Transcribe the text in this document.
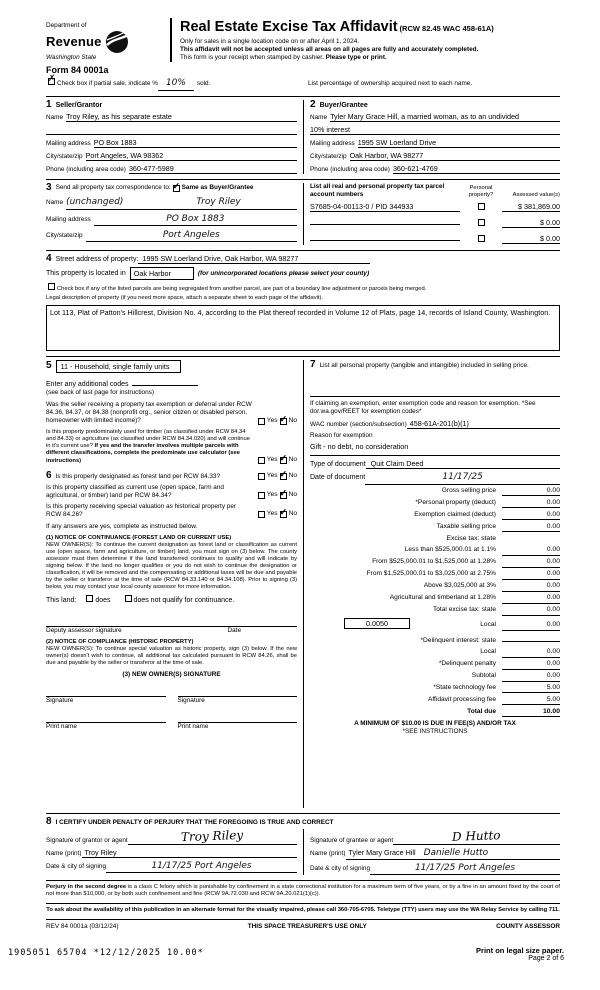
Department of
Revenue
Washington State
Real Estate Excise Tax Affidavit (RCW 82.45 WAC 458-61A)
Only for sales in a single location code on or after April 1, 2024.
This affidavit will not be accepted unless all areas on all pages are fully and accurately completed.
This form is your receipt when stamped by cashier. Please type or print.
Form 84 0001a
✗ Check box if partial sale, indicate % 10%	sold.	List percentage of ownership acquired next to each name.
1 Seller/Grantor
Name Troy Riley, as his separate estate

Mailing address PO Box 1883
City/state/zip Port Angeles, WA 98362
Phone (including area code) 360-477-5989
2 Buyer/Grantee
Name Tyler Mary Grace Hill, a married woman, as to an undivided
10% interest
Mailing address 1995 SW Loerland Drive
City/state/zip Oak Harbor, WA 98277
Phone (including area code) 360-621-4769
3 Send all property tax correspondence to: ✓ Same as Buyer/Grantee
Name (unchanged)	Troy Riley
Mailing address	PO Box 1883
City/state/zip	Port Angeles
List all real and personal property tax parcel account numbers
Personal property?	Assessed value(s)
S7685-04-00113-0 / PID 344933	$ 381,869.00
$ 0.00
$ 0.00
4 Street address of property: 1995 SW Loerland Drive, Oak Harbor, WA 98277
This property is located in	Oak Harbor	(for unincorporated locations please select your county)
Check box if any of the listed parcels are being segregated from another parcel, are part of a boundary line adjustment or parcels being merged.
Legal description of property (if you need more space, attach a separate sheet to each page of the affidavit).
Lot 113, Plat of Patton's Hillcrest, Division No. 4, according to the Plat thereof recorded in Volume 12 of Plats, page 14, records of Island County, Washington.
5	11 - Household, single family units
Enter any additional codes
(see back of last page for instructions)
Was the seller receiving a property tax exemption or deferral under RCW 84.36, 84.37, or 84.38 (nonprofit org., senior citizen or disabled person, homeowner with limited income)?	Yes ✓ No
Is this property predominately used for timber (as classified under RCW 84.34 and 84.33) or agriculture (as classified under RCW 84.34.020) and will continue in it's current use? If yes and the transfer involves multiple parcels with different classifications, complete the predominate use calculator (see instructions)	Yes ✓ No
6 Is this property designated as forest land per RCW 84.33?	Yes ✓ No
Is this property classified as current use (open space, farm and agricultural, or timber) land per RCW 84.34?	Yes ✓ No
Is this property receiving special valuation as historical property per RCW 84.26?	Yes ✓ No
If any answers are yes, complete as instructed below.
(1) NOTICE OF CONTINUANCE (FOREST LAND OR CURRENT USE)
NEW OWNER(S): To continue the current designation as forest land or classification as current use (open space, farm and agriculture, or timber) land, you must sign on (3) below. The county assessor must then determine if the land transferred continues to qualify and will indicate by signing below. If the land no longer qualifies or you do not wish to continue the designation or classification, it will be removed and the compensating or additional taxes will be due and payable by the seller or transferor at the time of sale (RCW 84.33.140 or 84.34.108). Prior to signing (3) below, you may contact your local county assessor for more information.
This land:	does	does not qualify for continuance.
Deputy assessor signature	Date
(2) NOTICE OF COMPLIANCE (HISTORIC PROPERTY)
NEW OWNER(S): To continue special valuation as historic property, sign (3) below. If the new owner(s) doesn't wish to continue, all additional tax calculated pursuant to RCW 84.26, shall be due and payable by the seller or transferor at the time of sale.
(3) NEW OWNER(S) SIGNATURE
Signature	Signature
Print name	Print name
7 List all personal property (tangible and intangible) included in selling price.
If claiming an exemption, enter exemption code and reason for exemption. *See dor.wa.gov/REET for exemption codes*
WAC number (section/subsection) 458-61A-201(b)(1)
Reason for exemption
Gift - no debt, no consideration
Type of document Quit Claim Deed
Date of document	11/17/25
Gross selling price	0.00
*Personal property (deduct)	0.00
Exemption claimed (deduct)	0.00
Taxable selling price	0.00
Excise tax: state
Less than $525,000.01 at 1.1%	0.00
From $525,000.01 to $1,525,000 at 1.28%	0.00
From $1,525,000.01 to $3,025,000 at 2.75%	0.00
Above $3,025,000 at 3%	0.00
Agricultural and timberland at 1.28%	0.00
Total excise tax: state	0.00
0.0050	Local	0.00
*Delinquent interest: state
Local	0.00
*Delinquent penalty	0.00
Subtotal	0.00
*State technology fee	5.00
Affidavit processing fee	5.00
Total due	10.00
A MINIMUM OF $10.00 IS DUE IN FEE(S) AND/OR TAX
*SEE INSTRUCTIONS
8 I CERTIFY UNDER PENALTY OF PERJURY THAT THE FOREGOING IS TRUE AND CORRECT
Signature of grantor or agent	Troy Riley
Name (print) Troy Riley
Date & city of signing	11/17/25 Port Angeles
Signature of grantee or agent	D Hutto
Name (print) Tyler Mary Grace Hill Danielle Hutto
Date & city of signing	11/17/25 Port Angeles
Perjury in the second degree is a class C felony which is punishable by confinement in a state correctional institution for a maximum term of five years, or by a fine in an amount fixed by the court of not more than $10,000, or by both such confinement and fine (RCW 9A.72.030 and RCW 9A.20.021(1)(c)).
To ask about the availability of this publication in an alternate format for the visually impaired, please call 360-705-6705. Teletype (TTY) users may use the WA Relay Service by calling 711.
REV 84 0001a (03/12/24)	THIS SPACE TREASURER'S USE ONLY	COUNTY ASSESSOR
1905051 65704 *12/12/2025 10.00*	Print on legal size paper.
Page 2 of 6
